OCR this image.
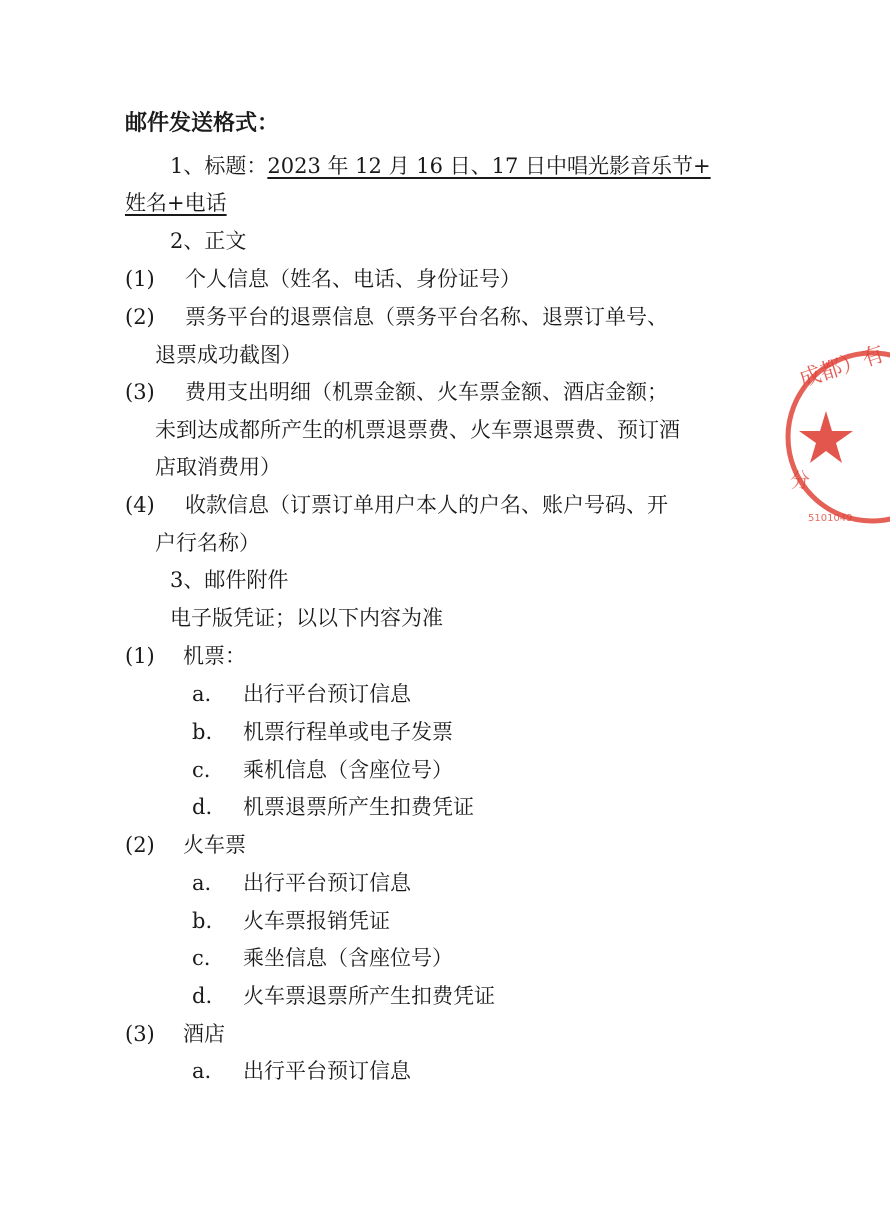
邮件发送格式：
1、标题：2023 年 12 月 16 日、17 日中唱光影音乐节+
姓名+电话
2、正文
(1) 个人信息（姓名、电话、身份证号）
(2) 票务平台的退票信息（票务平台名称、退票订单号、
退票成功截图）
(3) 费用支出明细（机票金额、火车票金额、酒店金额；
未到达成都所产生的机票退票费、火车票退票费、预订酒
店取消费用）
(4) 收款信息（订票订单用户本人的户名、账户号码、开
户行名称）
3、邮件附件
电子版凭证；以以下内容为准
(1) 机票：
a. 出行平台预订信息
b. 机票行程单或电子发票
c. 乘机信息（含座位号）
d. 机票退票所产生扣费凭证
(2) 火车票
a. 出行平台预订信息
b. 火车票报销凭证
c. 乘坐信息（含座位号）
d. 火车票退票所产生扣费凭证
(3) 酒店
a. 出行平台预订信息
成都）有
分
5101049
